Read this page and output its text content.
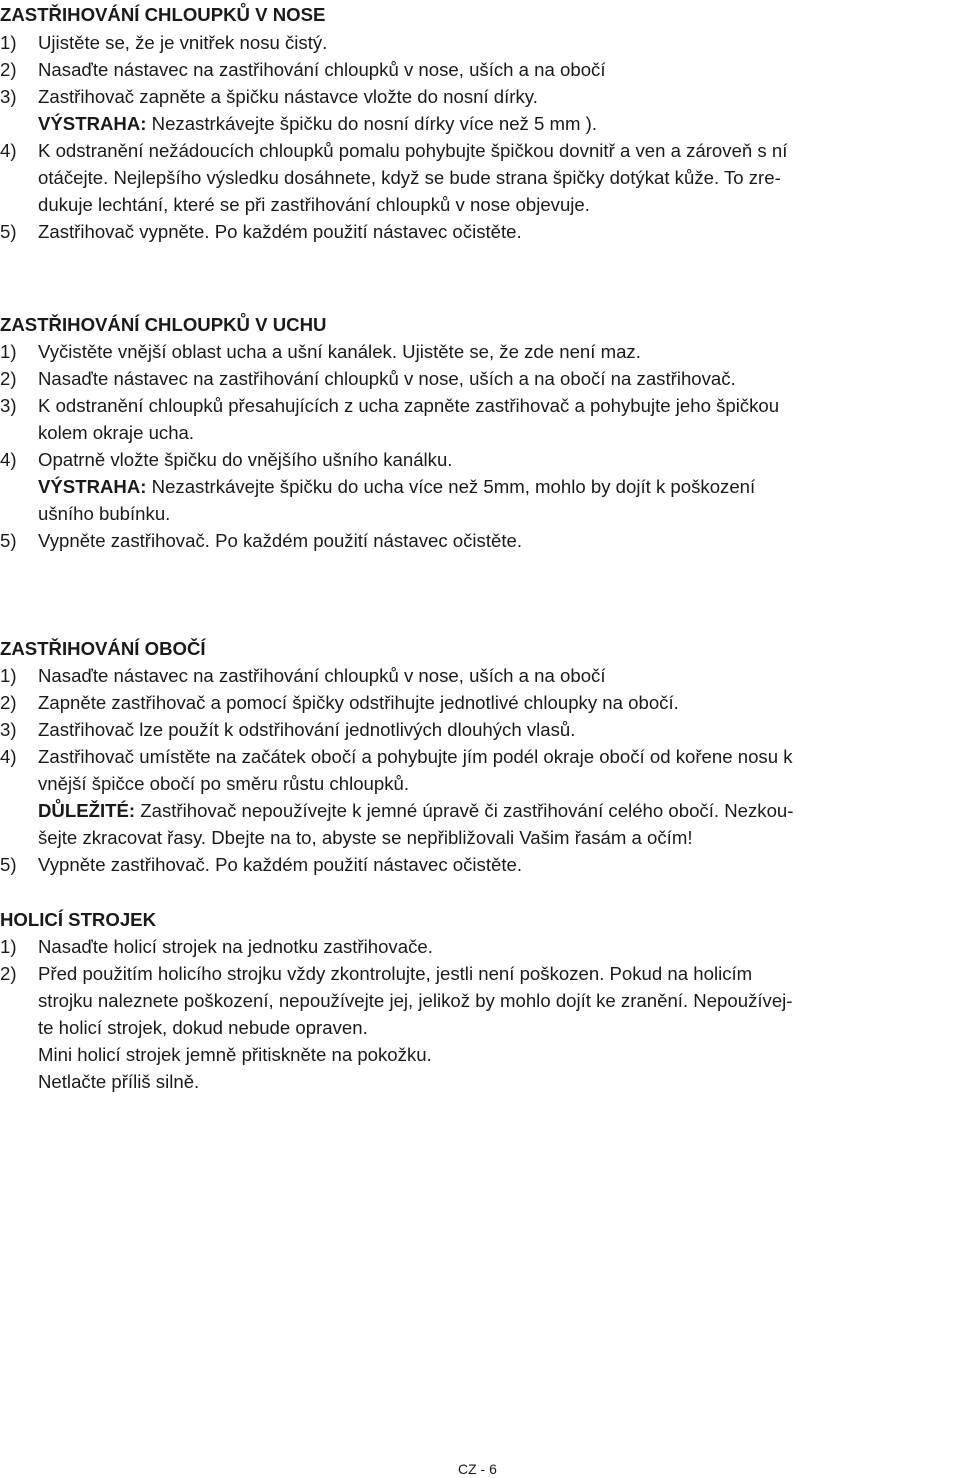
ZASTŘIHOVÁNÍ CHLOUPKŮ V NOSE
1) Ujistěte se, že je vnitřek nosu čistý.
2) Nasaďte nástavec na zastřihování chloupků v nose, uších a na obočí
3) Zastřihovač zapněte a špičku nástavce vložte do nosní dírky.
VÝSTRAHA: Nezastrkávejte špičku do nosní dírky více než 5 mm ).
4) K odstranění nežádoucích chloupků pomalu pohybujte špičkou dovnitř a ven a zároveň s ní
otáčejte. Nejlepšího výsledku dosáhnete, když se bude strana špičky dotýkat kůže. To zre-
dukuje lechtání, které se při zastřihování chloupků v nose objevuje.
5) Zastřihovač vypněte. Po každém použití nástavec očistěte.
ZASTŘIHOVÁNÍ CHLOUPKŮ V UCHU
1) Vyčistěte vnější oblast ucha a ušní kanálek. Ujistěte se, že zde není maz.
2) Nasaďte nástavec na zastřihování chloupků v nose, uších a na obočí na zastřihovač.
3) K odstranění chloupků přesahujících z ucha zapněte zastřihovač a pohybujte jeho špičkou
kolem okraje ucha.
4) Opatrně vložte špičku do vnějšího ušního kanálku.
VÝSTRAHA: Nezastrkávejte špičku do ucha více než 5mm, mohlo by dojít k poškození
ušního bubínku.
5) Vypněte zastřihovač. Po každém použití nástavec očistěte.
ZASTŘIHOVÁNÍ OBOČÍ
1) Nasaďte nástavec na zastřihování chloupků v nose, uších a na obočí
2) Zapněte zastřihovač a pomocí špičky odstřihujte jednotlivé chloupky na obočí.
3) Zastřihovač lze použít k odstřihování jednotlivých dlouhých vlasů.
4) Zastřihovač umístěte na začátek obočí a pohybujte jím podél okraje obočí od kořene nosu k
vnější špičce obočí po směru růstu chloupků.
DŮLEŽITÉ: Zastřihovač nepoužívejte k jemné úpravě či zastřihování celého obočí. Nezkou-
šejte zkracovat řasy. Dbejte na to, abyste se nepřibližovali Vašim řasám a očím!
5) Vypněte zastřihovač. Po každém použití nástavec očistěte.
HOLICÍ STROJEK
1) Nasaďte holicí strojek na jednotku zastřihovače.
2) Před použitím holicího strojku vždy zkontrolujte, jestli není poškozen. Pokud na holicím
strojku naleznete poškození, nepoužívejte jej, jelikož by mohlo dojít ke zranění. Nepoužívej-
te holicí strojek, dokud nebude opraven.
Mini holicí strojek jemně přitiskněte na pokožku.
Netlačte příliš silně.
CZ - 6
